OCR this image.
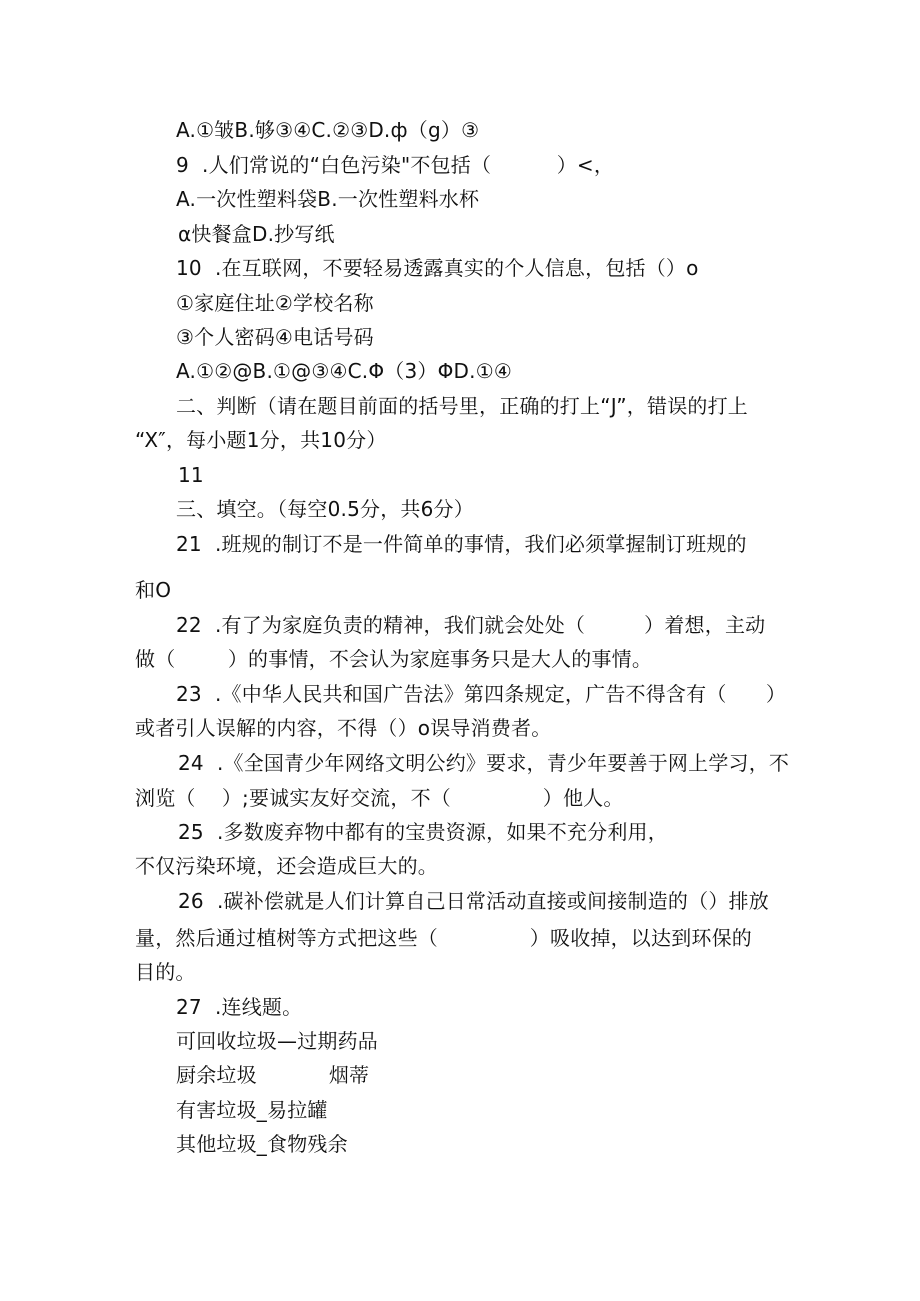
A.①皱B.够③④C.②③D.ф（g）③
9  .人们常说的“白色污染"不包括（          ）<，
A.一次性塑料袋B.一次性塑料水杯
α快餐盒D.抄写纸
10  .在互联网，不要轻易透露真实的个人信息，包括（）o
①家庭住址②学校名称
③个人密码④电话号码
A.①②@B.①@③④C.Φ（3）ΦD.①④
二、判断（请在题目前面的括号里，正确的打上“J”，错误的打上
“X″，每小题1分，共10分）
11
三、填空。（每空0.5分，共6分）
21  .班规的制订不是一件简单的事情，我们必须掌握制订班规的
和O
22  .有了为家庭负责的精神，我们就会处处（         ）着想，主动
做（        ）的事情，不会认为家庭事务只是大人的事情。
23  .《中华人民共和国广告法》第四条规定，广告不得含有（      ）
或者引人误解的内容，不得（）o误导消费者。
24  .《全国青少年网络文明公约》要求，青少年要善于网上学习，不
浏览（    ）;要诚实友好交流，不（              ）他人。
25  .多数废弃物中都有的宝贵资源，如果不充分利用，
不仅污染环境，还会造成巨大的。
26  .碳补偿就是人们计算自己日常活动直接或间接制造的（）排放
量，然后通过植树等方式把这些（              ）吸收掉，以达到环保的
目的。
27  .连线题。
可回收垃圾—过期药品
厨余垃圾           烟蒂
有害垃圾_易拉罐
其他垃圾_食物残余
